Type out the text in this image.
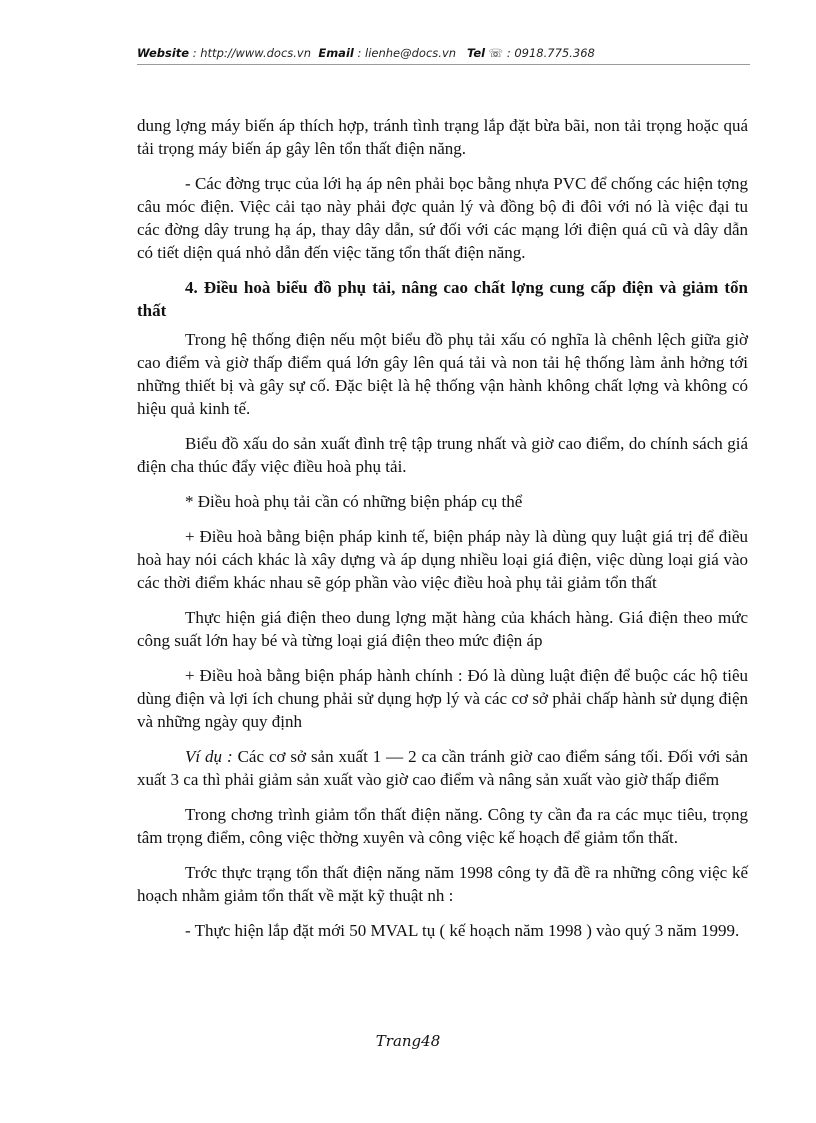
Website : http://www.docs.vn Email : lienhe@docs.vn Tel ☏ : 0918.775.368

dung lợng máy biến áp thích hợp, tránh tình trạng lắp đặt bừa bãi, non tải trọng hoặc quá tải trọng máy biến áp gây lên tổn thất điện năng.

- Các đờng trục của lới hạ áp nên phải bọc bằng nhựa PVC để chống các hiện tợng câu móc điện. Việc cải tạo này phải đợc quản lý và đồng bộ đi đôi với nó là việc đại tu các đờng dây trung hạ áp, thay dây dẫn, sứ đối với các mạng lới điện quá cũ và dây dẫn có tiết diện quá nhỏ dẫn đến việc tăng tổn thất điện năng.

4. Điều hoà biểu đồ phụ tải, nâng cao chất lợng cung cấp điện và giảm tổn thất

Trong hệ thống điện nếu một biểu đồ phụ tải xấu có nghĩa là chênh lệch giữa giờ cao điểm và giờ thấp điểm quá lớn gây lên quá tải và non tải hệ thống làm ảnh hởng tới những thiết bị và gây sự cố. Đặc biệt là hệ thống vận hành không chất lợng và không có hiệu quả kinh tế.

Biểu đồ xấu do sản xuất đình trệ tập trung nhất và giờ cao điểm, do chính sách giá điện cha thúc đẩy việc điều hoà phụ tải.

* Điều hoà phụ tải cần có những biện pháp cụ thể

+ Điều hoà bằng biện pháp kinh tế, biện pháp này là dùng quy luật giá trị để điều hoà hay nói cách khác là xây dựng và áp dụng nhiều loại giá điện, việc dùng loại giá vào các thời điểm khác nhau sẽ góp phần vào việc điều hoà phụ tải giảm tổn thất

Thực hiện giá điện theo dung lợng mặt hàng của khách hàng. Giá điện theo mức công suất lớn hay bé và từng loại giá điện theo mức điện áp

+ Điều hoà bằng biện pháp hành chính : Đó là dùng luật điện để buộc các hộ tiêu dùng điện và lợi ích chung phải sử dụng hợp lý và các cơ sở phải chấp hành sử dụng điện và những ngày quy định

Ví dụ : Các cơ sở sản xuất 1 — 2 ca cần tránh giờ cao điểm sáng tối. Đối với sản xuất 3 ca thì phải giảm sản xuất vào giờ cao điểm và nâng sản xuất vào giờ thấp điểm

Trong chơng trình giảm tổn thất điện năng. Công ty cần đa ra các mục tiêu, trọng tâm trọng điểm, công việc thờng xuyên và công việc kế hoạch để giảm tổn thất.

Trớc thực trạng tổn thất điện năng năm 1998 công ty đã đề ra những công việc kế hoạch nhằm giảm tổn thất về mặt kỹ thuật nh :

- Thực hiện lắp đặt mới 50 MVAL tụ ( kế hoạch năm 1998 ) vào quý 3 năm 1999.

Trang48
